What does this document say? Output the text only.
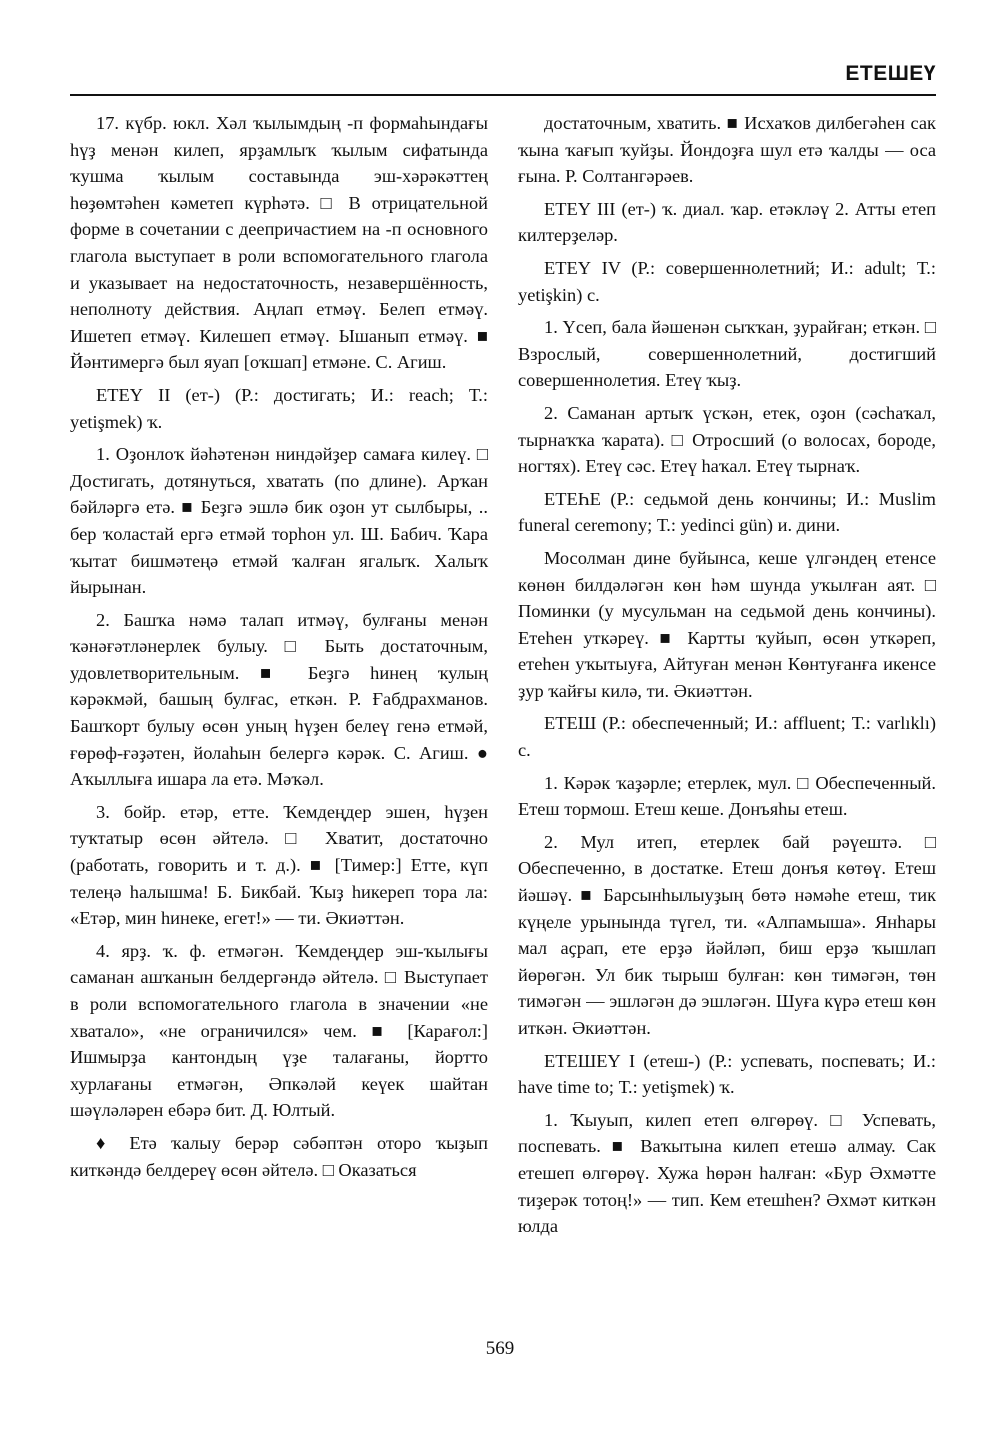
ЕТЕШЕҮ

17. күбр. юкл. Хәл ҡылымдың -п формаһындағы һүҙ менән килеп, ярҙамлыҡ ҡылым сифатында ҡушма ҡылым составында эш-хәрәкәттең һөҙөмтәһен кәметеп күрһәтә. □ В отрицательной форме в сочетании с деепричастием на -п основного глагола выступает в роли вспомогательного глагола и указывает на недостаточность, незавершённость, неполноту действия. Аңлап етмәү. Белеп етмәү. Ишетеп етмәү. Килешеп етмәү. Ышанып етмәү. ■ Йәнтимергә был яуап [оҡшап] етмәне. С. Агиш.

ЕТЕҮ II (ет-) (Р.: достигать; И.: reach; Т.: yetişmek) ҡ.

1. Оҙонлоҡ йәһәтенән ниндәйҙер самаға килеү. □ Достигать, дотянуться, хватать (по длине). Арҡан бәйләргә етә. ■ Беҙгә эшлә бик оҙон ут сылбыры, .. бер ҡоластай ергә етмәй торһон ул. Ш. Бабич. Ҡара ҡытат бишмәтеңә етмәй ҡалған ягалыҡ. Халыҡ йырынан.

2. Башҡа нәмә талап итмәү, булғаны менән ҡәнәғәтләнерлек булыу. □ Быть достаточным, удовлетворительным. ■ Беҙгә һинең ҡулың кәрәкмәй, башың булғас, еткән. Р. Ғабдрахманов. Башҡорт булыу өсөн уның һүҙен белеү генә етмәй, ғөрөф-ғәҙәтен, йолаһын белергә кәрәк. С. Агиш. ● Аҡыллыға ишара ла етә. Мәҡәл.

3. бойр. етәр, етте. Ҡемдеңдер эшен, һүҙен туҡтатыр өсөн әйтелә. □ Хватит, достаточно (работать, говорить и т. д.). ■ [Тимер:] Етте, күп телеңә һалышма! Б. Бикбай. Ҡыҙ һикереп тора ла: «Етәр, мин һинеке, егет!» — ти. Әкиәттән.

4. ярҙ. ҡ. ф. етмәгән. Ҡемдеңдер эш-ҡылығы саманан ашҡанын белдергәндә әйтелә. □ Выступает в роли вспомогательного глагола в значении «не хватало», «не ограничился» чем. ■ [Карағол:] Ишмырҙа кантондың үҙе талағаны, йортто хурлағаны етмәгән, Әпкәләй кеүек шайтан шәүләләрен ебәрә бит. Д. Юлтый.

♦ Етә ҡалыу берәр сәбәптән оторо ҡыҙып киткәндә белдереү өсөн әйтелә. □ Оказаться

достаточным, хватить. ■ Исхаҡов дилбегәһен сак ҡына ҡағып ҡуйҙы. Йондоҙға шул етә ҡалды — оса ғына. Р. Солтангәрәев.

ЕТЕҮ III (ет-) ҡ. диал. ҡар. етәкләү 2. Атты етеп килтерҙеләр.

ЕТЕҮ IV (Р.: совершеннолетний; И.: adult; Т.: yetişkin) с.

1. Үсеп, бала йәшенән сыҡҡан, ҙурайған; еткән. □ Взрослый, совершеннолетний, достигший совершеннолетия. Етеү ҡыҙ.

2. Саманан артыҡ үсҡән, етек, оҙон (сәсһаҡал, тырнаҡҡа ҡарата). □ Отросший (о волосах, бороде, ногтях). Етеү сәс. Етеү һаҡал. Етеү тырнаҡ.

ЕТЕҺЕ (Р.: седьмой день кончины; И.: Muslim funeral ceremony; Т.: yedinci gün) и. дини.

Мосолман дине буйынса, кеше үлгәндең етенсе көнөн билдәләгән көн һәм шунда уҡылған аят. □ Поминки (у мусульман на седьмой день кончины). Етеһен уткәреү. ■ Картты ҡуйып, өсөн уткәреп, етеһен уҡытыуға, Айтуған менән Көнтуғанға икенсе ҙур ҡайғы килә, ти. Әкиәттән.

ЕТЕШ (Р.: обеспеченный; И.: affluent; Т.: varlıklı) с.

1. Кәрәк ҡаҙәрле; етерлек, мул. □ Обеспеченный. Етеш тормош. Етеш кеше. Донъяһы етеш.

2. Мул итеп, етерлек бай рәүештә. □ Обеспеченно, в достатке. Етеш донъя көтөү. Етеш йәшәү. ■ Барсынһылыуҙың бөтә нәмәһе етеш, тик күңеле урынында түгел, ти. «Алпамыша». Янһары мал аҫрап, ете ерҙә йәйләп, биш ерҙә ҡышлап йөрөгән. Ул бик тырыш булған: көн тимәгән, төн тимәгән — эшләгән дә эшләгән. Шуға күрә етеш көн иткән. Әкиәттән.

ЕТЕШЕҮ I (етеш-) (Р.: успевать, поспевать; И.: have time to; Т.: yetişmek) ҡ.

1. Ҡыуып, килеп етеп өлгөрөү. □ Успевать, поспевать. ■ Ваҡытына килеп етешә алмау. Сак етешеп өлгөрөү. Хужа һөрән һалған: «Бур Әхмәтте тиҙерәк тотоң!» — тип. Кем етешһен? Әхмәт киткән юлда

569
